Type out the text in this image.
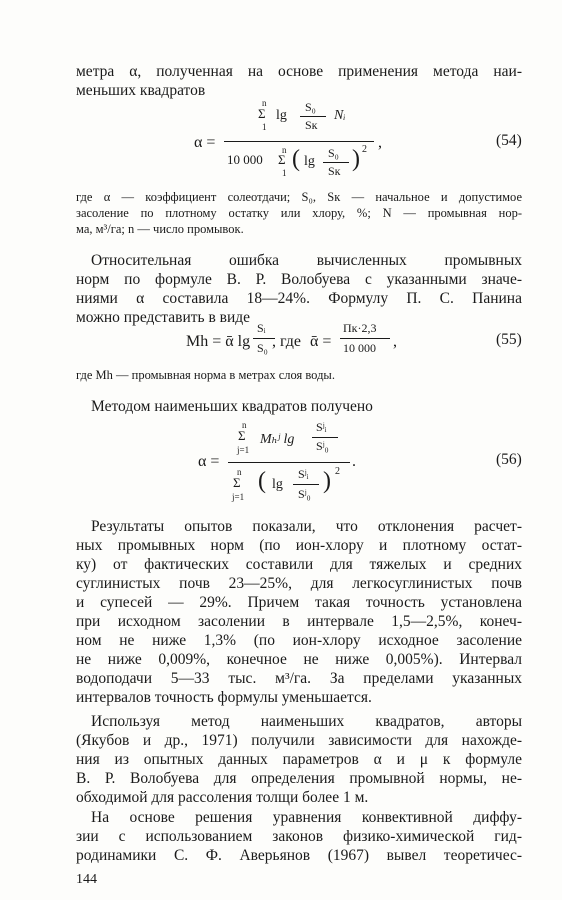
метра α, полученная на основе применения метода наи-
меньших квадратов
α =
n
Σ
1
lg
S₀
Sк
Nᵢ
10 000
n
Σ
1
( lg
S₀
Sк ) 2 ,	(54)
где α — коэффициент солеотдачи; S₀, Sк — начальное и допустимое
засоление по плотному остатку или хлору, %; N — промывная нор-
ма, м³/га; n — число промывок.
Относительная ошибка вычисленных промывных
норм по формуле В. Р. Волобуева с указанными значе-
ниями α составила 18—24%. Формулу П. С. Панина
можно представить в виде
Mh = ᾱ lg
Sᵢ
S₀ , где ᾱ =
Пк·2,3
10 000 ,	(55)
где Mh — промывная норма в метрах слоя воды.
Методом наименьших квадратов получено
α =
n
Σ
j=1
Mₕʲ lg
Sʲᵢ
Sʲ₀
n
Σ
j=1
( lg
Sʲᵢ
Sʲ₀ ) 2
.	(56)
Результаты опытов показали, что отклонения расчет-
ных промывных норм (по ион-хлору и плотному остат-
ку) от фактических составили для тяжелых и средних
суглинистых почв 23—25%, для легкосуглинистых почв
и супесей — 29%. Причем такая точность установлена
при исходном засолении в интервале 1,5—2,5%, конеч-
ном не ниже 1,3% (по ион-хлору исходное засоление
не ниже 0,009%, конечное не ниже 0,005%). Интервал
водоподачи 5—33 тыс. м³/га. За пределами указанных
интервалов точность формулы уменьшается.
Используя метод наименьших квадратов, авторы
(Якубов и др., 1971) получили зависимости для нахожде-
ния из опытных данных параметров α и μ к формуле
В. Р. Волобуева для определения промывной нормы, не-
обходимой для рассоления толщи более 1 м.
На основе решения уравнения конвективной диффу-
зии с использованием законов физико-химической гид-
родинамики С. Ф. Аверьянов (1967) вывел теоретичес-
144
